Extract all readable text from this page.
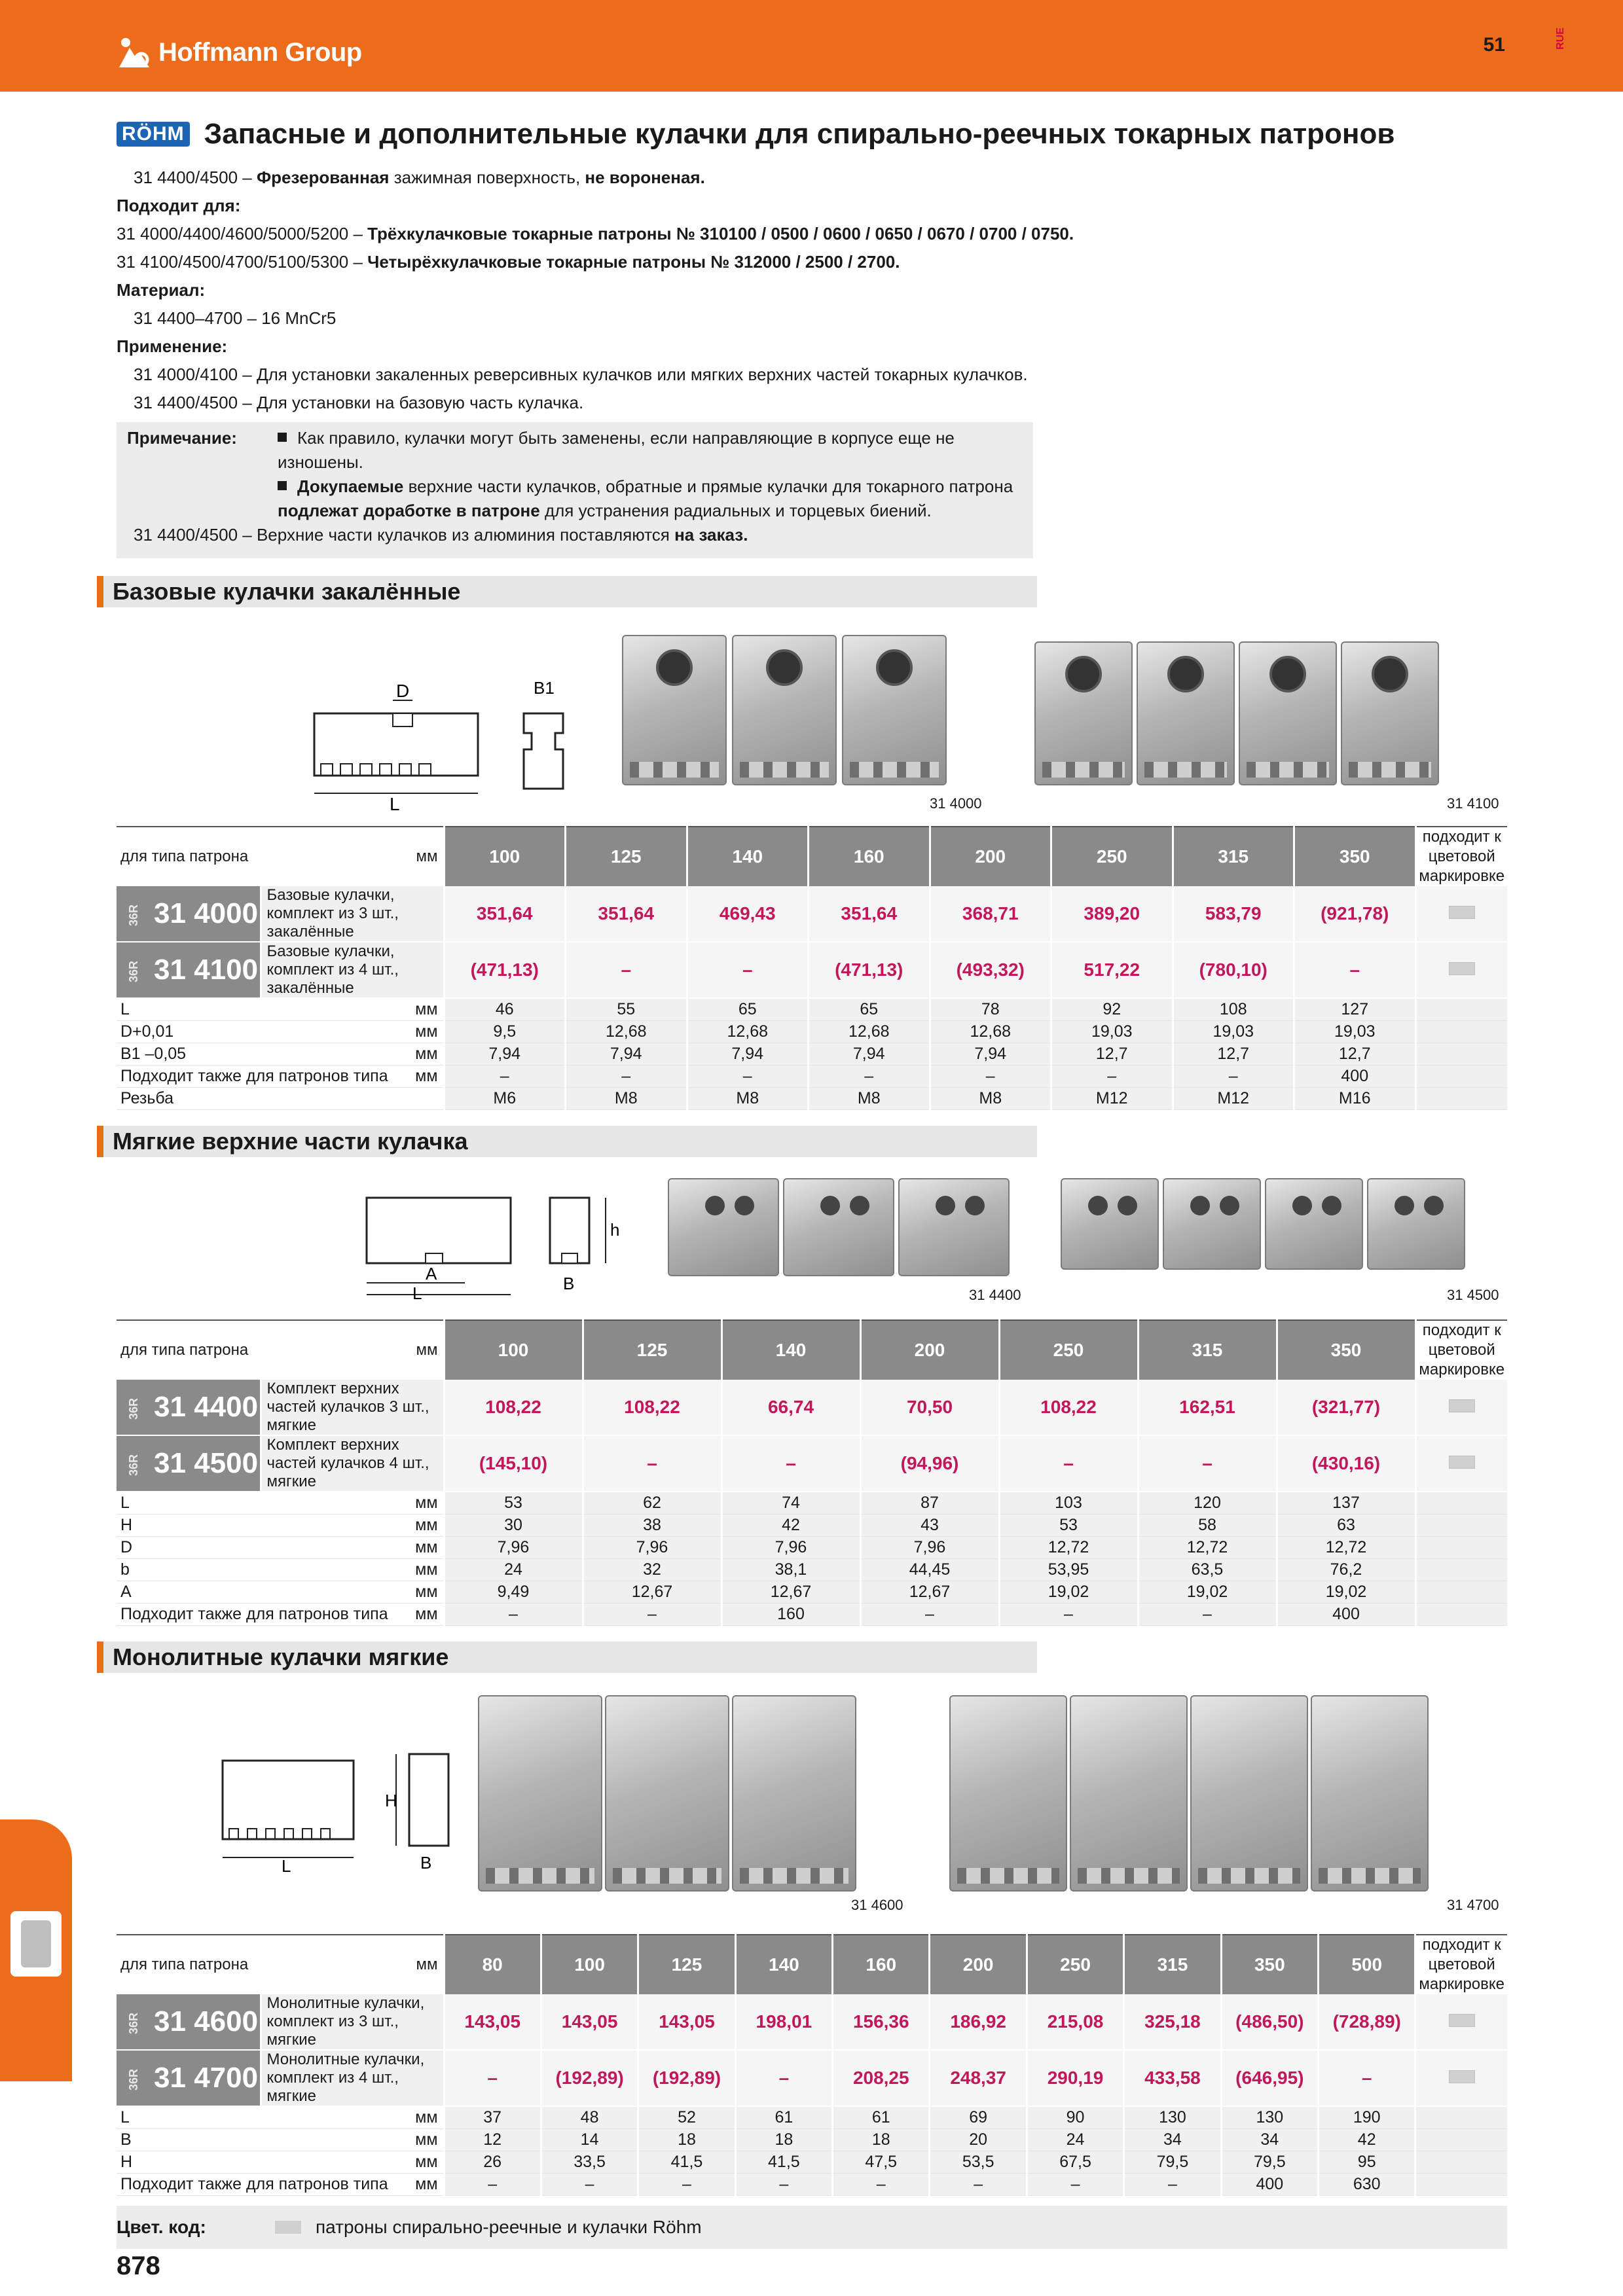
Hoffmann Group	51	RUE
RÖHM Запасные и дополнительные кулачки для спирально-реечных токарных патронов
31 4400/4500 – Фрезерованная зажимная поверхность, не вороненая.
Подходит для:
31 4000/4400/4600/5000/5200 – Трёхкулачковые токарные патроны № 310100 / 0500 / 0600 / 0650 / 0670 / 0700 / 0750.
31 4100/4500/4700/5100/5300 – Четырёхкулачковые токарные патроны № 312000 / 2500 / 2700.
Материал:
31 4400–4700 – 16 MnCr5
Применение:
31 4000/4100 – Для установки закаленных реверсивных кулачков или мягких верхних частей токарных кулачков.
31 4400/4500 – Для установки на базовую часть кулачка.
Примечание:	Как правило, кулачки могут быть заменены, если направляющие в корпусе еще не изношены.
Докупаемые верхние части кулачков, обратные и прямые кулачки для токарного патрона подлежат доработке в патроне для устранения радиальных и торцевых биений.
31 4400/4500 –
Верхние части кулачков из алюминия поставляются
на заказ.
Базовые кулачки закалённые
D
L
B1
31 4000	31 4100
для типа патрона		мм	100	125	140	160	200	250	315	350	подходит к цветовой маркировке
36R 31 4000	Базовые кулачки, комплект из 3 шт., закалённые		351,64	351,64	469,43	351,64	368,71	389,20	583,79	(921,78)	
36R 31 4100	Базовые кулачки, комплект из 4 шт., закалённые		(471,13)	–	–	(471,13)	(493,32)	517,22	(780,10)	–	
L		мм	46	55	65	65	78	92	108	127	
D+0,01		мм	9,5	12,68	12,68	12,68	12,68	19,03	19,03	19,03	
B1 –0,05		мм	7,94	7,94	7,94	7,94	7,94	12,7	12,7	12,7	
Подходит также для патронов типа		мм	–	–	–	–	–	–	–	400	
Резьба			M6	M8	M8	M8	M8	M12	M12	M16	
Мягкие верхние части кулачка
A
L
h
B
31 4400	31 4500
для типа патрона		мм	100	125	140	200	250	315	350	подходит к цветовой маркировке
36R 31 4400	Комплект верхних частей кулачков 3 шт., мягкие		108,22	108,22	66,74	70,50	108,22	162,51	(321,77)	
36R 31 4500	Комплект верхних частей кулачков 4 шт., мягкие		(145,10)	–	–	(94,96)	–	–	(430,16)	
L		мм	53	62	74	87	103	120	137	
H		мм	30	38	42	43	53	58	63	
D		мм	7,96	7,96	7,96	7,96	12,72	12,72	12,72	
b		мм	24	32	38,1	44,45	53,95	63,5	76,2	
A		мм	9,49	12,67	12,67	12,67	19,02	19,02	19,02	
Подходит также для патронов типа		мм	–	–	160	–	–	–	400	
Монолитные кулачки мягкие
L
H
B
31 4600	31 4700
для типа патрона		мм	80	100	125	140	160	200	250	315	350	500	подходит к цветовой маркировке
36R 31 4600	Монолитные кулачки, комплект из 3 шт., мягкие		143,05	143,05	143,05	198,01	156,36	186,92	215,08	325,18	(486,50)	(728,89)	
36R 31 4700	Монолитные кулачки, комплект из 4 шт., мягкие		–	(192,89)	(192,89)	–	208,25	248,37	290,19	433,58	(646,95)	–	
L		мм	37	48	52	61	61	69	90	130	130	190	
B		мм	12	14	18	18	18	20	24	34	34	42	
H		мм	26	33,5	41,5	41,5	47,5	53,5	67,5	79,5	79,5	95	
Подходит также для патронов типа		мм	–	–	–	–	–	–	–	–	400	630	
Цвет. код:	патроны спирально-реечные и кулачки Röhm
878
